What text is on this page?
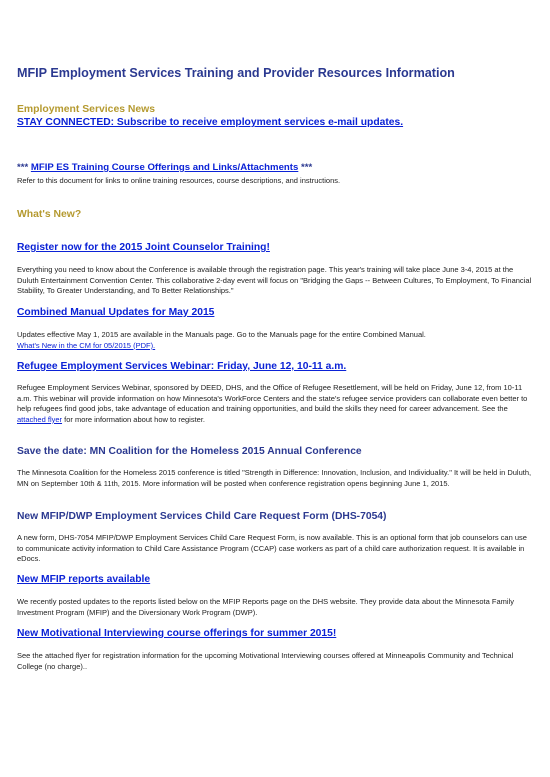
MFIP Employment Services Training and Provider Resources Information
Employment Services News
STAY CONNECTED: Subscribe to receive employment services e-mail updates.
*** MFIP ES Training Course Offerings and Links/Attachments ***

Refer to this document for links to online training resources, course descriptions, and instructions.

What's New?
Register now for the 2015 Joint Counselor Training!

Everything you need to know about the Conference is available through the registration page. This year's training will take place June 3-4, 2015 at the Duluth Entertainment Convention Center. This collaborative 2-day event will focus on "Bridging the Gaps -- Between Cultures, To Employment, To Financial Stability, To Greater Understanding, and To Better Relationships."

Combined Manual Updates for May 2015

Updates effective May 1, 2015 are available in the Manuals page. Go to the Manuals page for the entire Combined Manual.

What's New in the CM for 05/2015 (PDF).
Refugee Employment Services Webinar: Friday, June 12, 10-11 a.m.

Refugee Employment Services Webinar, sponsored by DEED, DHS, and the Office of Refugee Resettlement, will be held on Friday, June 12, from 10-11 a.m. This webinar will provide information on how Minnesota's WorkForce Centers and the state's refugee service providers can collaborate even better to help refugees find good jobs, take advantage of education and training opportunities, and build the skills they need for career advancement. See the attached flyer for more information about how to register.

Save the date: MN Coalition for the Homeless 2015 Annual Conference

The Minnesota Coalition for the Homeless 2015 conference is titled "Strength in Difference: Innovation, Inclusion, and Individuality." It will be held in Duluth, MN on September 10th & 11th, 2015. More information will be posted when conference registration opens beginning June 1, 2015.

New MFIP/DWP Employment Services Child Care Request Form (DHS-7054)

A new form, DHS-7054 MFIP/DWP Employment Services Child Care Request Form, is now available. This is an optional form that job counselors can use to communicate activity information to Child Care Assistance Program (CCAP) case workers as part of a child care authorization request. It is available in eDocs.

New MFIP reports available

We recently posted updates to the reports listed below on the MFIP Reports page on the DHS website. They provide data about the Minnesota Family Investment Program (MFIP) and the Diversionary Work Program (DWP).

New Motivational Interviewing course offerings for summer 2015!

See the attached flyer for registration information for the upcoming Motivational Interviewing courses offered at Minneapolis Community and Technical College (no charge)..
